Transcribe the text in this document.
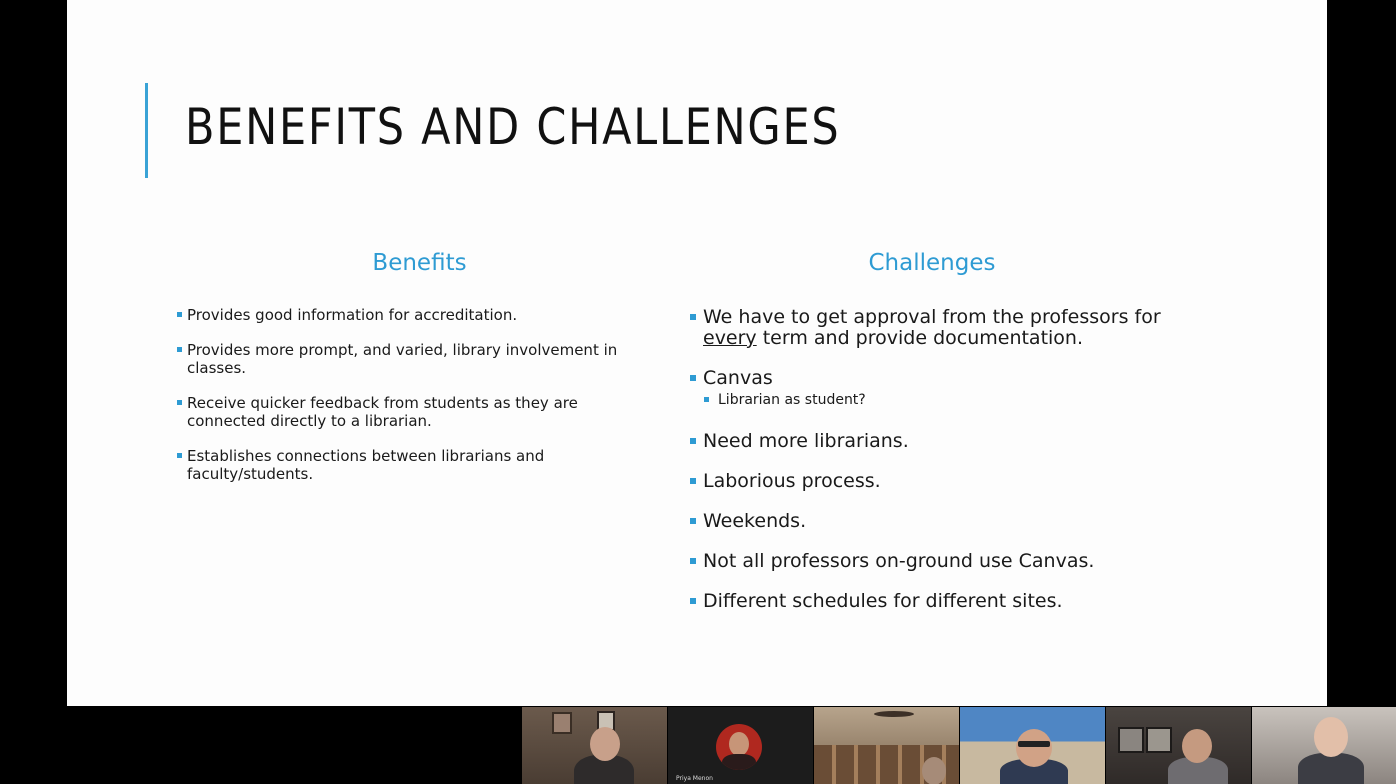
BENEFITS AND CHALLENGES
Benefits
Provides good information for accreditation.
Provides more prompt, and varied, library involvement in classes.
Receive quicker feedback from students as they are connected directly to a librarian.
Establishes connections between librarians and faculty/students.
Challenges
We have to get approval from the professors for every term and provide documentation.
Canvas
Librarian as student?
Need more librarians.
Laborious process.
Weekends.
Not all professors on-ground use Canvas.
Different schedules for different sites.
Priya Menon
